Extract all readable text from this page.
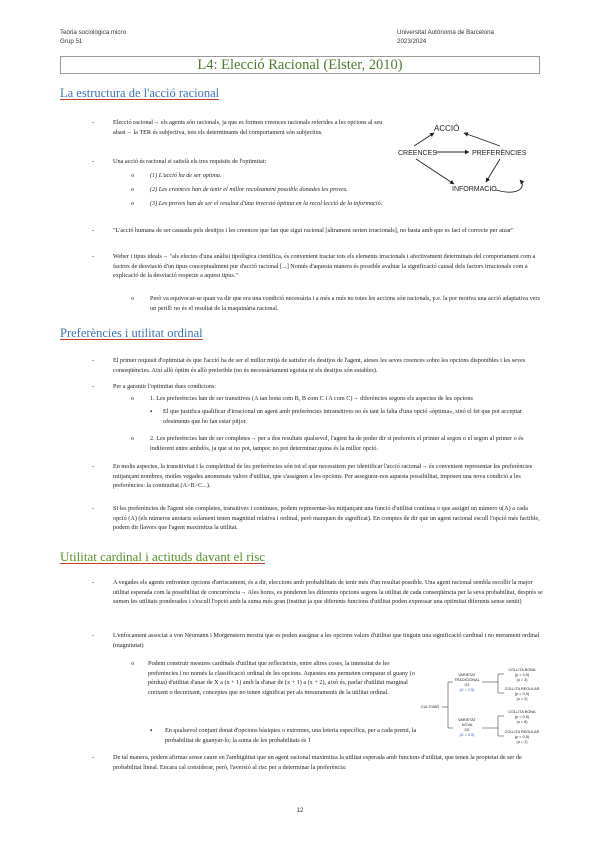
Teoria sociològica micro
Grup 51
Universitat Autònoma de Barcelona
2023/2024
L4: Elecció Racional (Elster, 2010)
La estructura de l'acció racional
-	Elecció racional→ els agents són racionals, ja que es formen creences racionals referides a les opcions al seu abast→ la TER és subjectiva, tots els determinants del comportament són subjectius.
-	Una acció és racional si satisfà els tres requisits de l'optimitat:
o	(1) L'acció ha de ser optima.
o	(2) Les creences han de tenir el millor recolzament possible donades les proves.
o	(3) Les proves han de ser el resultat d'una inversió òptima en la recol·lecció de la informació.
ACCIÓ
CREENCES	PREFERÈNCIES
INFORMACIÓ
-	"L'acció humana de ser causada pels desitjos i les creences que fan que sigui racional [altrament serien irracionals], no basta amb que es faci el correcte per atzar"
-	Weber i tipus ideals→ "als efectes d'una anàlisi tipològica científica, és convenient tractar tots els elements irracionals i afectivament determinats del comportament com a factors de desviació d'un tipus conceptualment pur d'acció racional [...] Només d'aquesta manera és possible avaluar la significació causal dels factors irracionals com a explicació de la desviació respecte a aquest tipus."
o	Però va equivocar-se quan va dir que era una condició necessària i a més a més no totes les accions són racionals, p.e. la por motiva una acció adaptativa vers un perill: no és el resultat de la maquinària racional.
Preferències i utilitat ordinal
-	El primer requisit d'optimitat és que l'acció ha de ser el millor mitjà de satisfer els desitjos de l'agent, ateses les seves creences sobre les opcions disponibles i les seves conseqüències. Així allò òptim és allò preferible (no és necessàriament egoista ni els desitjos són estables).
-	Per a garantir l'optimitat dues condicions:
o	1. Les preferències han de ser transitives (A tan bona com B, B com C i A com C)→ diferències segons els aspectes de les opcions
▪ El que justifica qualificar d'irracional un agent amb preferències intransitives no és tant la falta d'una opció «òptima», sinó el fet que pot acceptar ofesiments que ho fan estar pitjor.
o	2. Les preferències han de ser completes→ per a dos resultats qualsevol, l'agent ha de poder dir si prefereix el primer al segon o el segon al primer o és indiferent entre ambdós, ja que si no pot, tampoc no pot determinar quina és la millor opció.
-	En molts aspectes, la transitivitat i la completitud de les preferències són tot el que necessitem per identificar l'acció racional→ és convenient representar les preferències mitjançant nombres, motles vegades anomenats valors d'utilitat, que s'assignen a les opcions. Per assegurar-nos aquesta possibilitat, imposen una nova condició a les preferències: la continuïtat (A>B>C...).
-	Si les preferències de l'agent són completes, transitives i contínues, podem representar-les mitjançant una funció d'utilitat contínua o que assigni un número u(A) a cada opció (A) (els números anotaris solament tenen magnitud relativa i ordinal, però manquen de significat). En comptes de dir que un agent racional escull l'opció més factible, podem dir llavors que l'agent maximitza la utilitat.
Utilitat cardinal i actituds davant el risc
-	A vegades els agents enfronten opcions d'arriscament, és a dir, eleccions amb probabilitats de tenir més d'un resultat possible. Una agent racional sembla escollir la major utilitat esperada com la possibilitat de concurrència→ Ales hores, es ponderen les diferents opcions segons la utilitat de cada conseqüència per la seva probabilitat, després se sumen les utilitats ponderades i s'escull l'opció amb la suma més gran (institut ja que diferents funcions d'utilitat poden expressar una optimitat diferents sense sentit)
-	L'enfocament associat a von Neumann i Morgenstern mostra que es poden assignar a les opcions valors d'utilitat que tinguin una significació cardinal i no merament ordinal (magnitutat)
o Podem construir mesures cardinals d'utilitat que reflecteixin, entre altres coses, la intensitat de les preferències i no només la classificació ordinal de les opcions. Aquestes ens permeten comparar el guany (o pèrdua) d'utilitat d'anar de X a (x + 1) amb la d'anar de (x + 1) a (x + 2), això és, parlar d'utilitat marginal creixent o decreixent, conceptes que no tenen significat per als mesuraments de la utilitat ordinal.
▪ En qualsevol conjunt donat d'opcions bàsiques o extremes, una loteria específica, per a cada premi, la probabilitat de guanyar-lo; la suma de les probabilitats és 1
-	De tal manera, podem afirmar sense caure en l'ambigüitat que un agent racional maximitza la utilitat esperada amb funcions d'utilitat, que tenen la propietat de ser de probabilitat lineal. Encara cal considerar, però, l'aversió al risc per a determinar la preferència:
CULTIVAR
VARIETAT
TRADICIONAL
O1
(U = 2,5)
VARIETAT
NOVA
O2
(U = 3,5)
COLLITA BONA
(p = 0,5)
(u = 3)
COLLITA REGULAR
(p = 0,5)
(u = 2)
COLLITA BONA
(p = 0,5)
(u = 6)
COLLITA REGULAR
(p = 0,5)
(u = 1)
12
